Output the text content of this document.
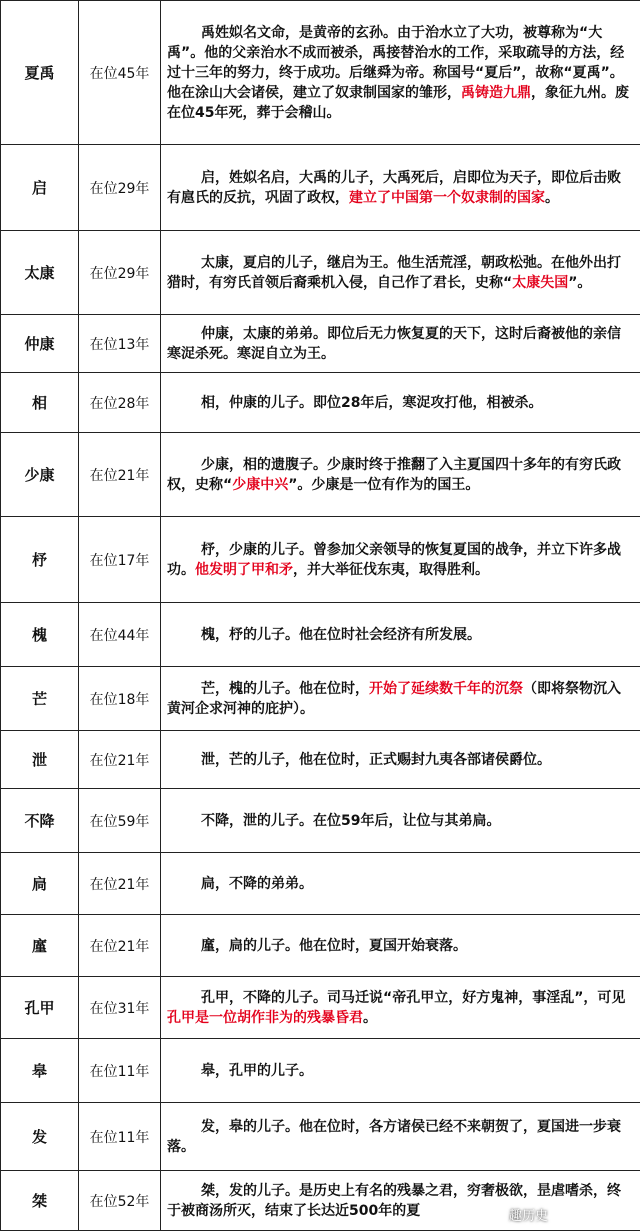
夏禹	在位45年	禹姓姒名文命，是黄帝的玄孙。由于治水立了大功，被尊称为“大禹”。他的父亲治水不成而被杀，禹接替治水的工作，采取疏导的方法，经过十三年的努力，终于成功。后继舜为帝。称国号“夏后”，故称“夏禹”。他在涂山大会诸侯，建立了奴隶制国家的雏形，禹铸造九鼎，象征九州。废在位45年死，葬于会稽山。
启	在位29年	启，姓姒名启，大禹的儿子，大禹死后，启即位为天子，即位后击败有扈氏的反抗，巩固了政权，建立了中国第一个奴隶制的国家。
太康	在位29年	太康，夏启的儿子，继启为王。他生活荒淫，朝政松弛。在他外出打猎时，有穷氏首领后裔乘机入侵，自己作了君长，史称“太康失国”。
仲康	在位13年	仲康，太康的弟弟。即位后无力恢复夏的天下，这时后裔被他的亲信寒浞杀死。寒浞自立为王。
相	在位28年	相，仲康的儿子。即位28年后，寒浞攻打他，相被杀。
少康	在位21年	少康，相的遗腹子。少康时终于推翻了入主夏国四十多年的有穷氏政权，史称“少康中兴”。少康是一位有作为的国王。
杼	在位17年	杼，少康的儿子。曾参加父亲领导的恢复夏国的战争，并立下许多战功。他发明了甲和矛，并大举征伐东夷，取得胜利。
槐	在位44年	槐，杼的儿子。他在位时社会经济有所发展。
芒	在位18年	芒，槐的儿子。他在位时，开始了延续数千年的沉祭（即将祭物沉入黄河企求河神的庇护）。
泄	在位21年	泄，芒的儿子，他在位时，正式赐封九夷各部诸侯爵位。
不降	在位59年	不降，泄的儿子。在位59年后，让位与其弟扃。
扃	在位21年	扃，不降的弟弟。
廑	在位21年	廑，扃的儿子。他在位时，夏国开始衰落。
孔甲	在位31年	孔甲，不降的儿子。司马迁说“帝孔甲立，好方鬼神，事淫乱”，可见孔甲是一位胡作非为的残暴昏君。
皋	在位11年	皋，孔甲的儿子。
发	在位11年	发，皋的儿子。他在位时，各方诸侯已经不来朝贺了，夏国进一步衰落。
桀	在位52年	桀，发的儿子。是历史上有名的残暴之君，穷奢极欲，昰虐嗜杀，终于被商汤所灭，结束了长达近500年的夏	趣历史
